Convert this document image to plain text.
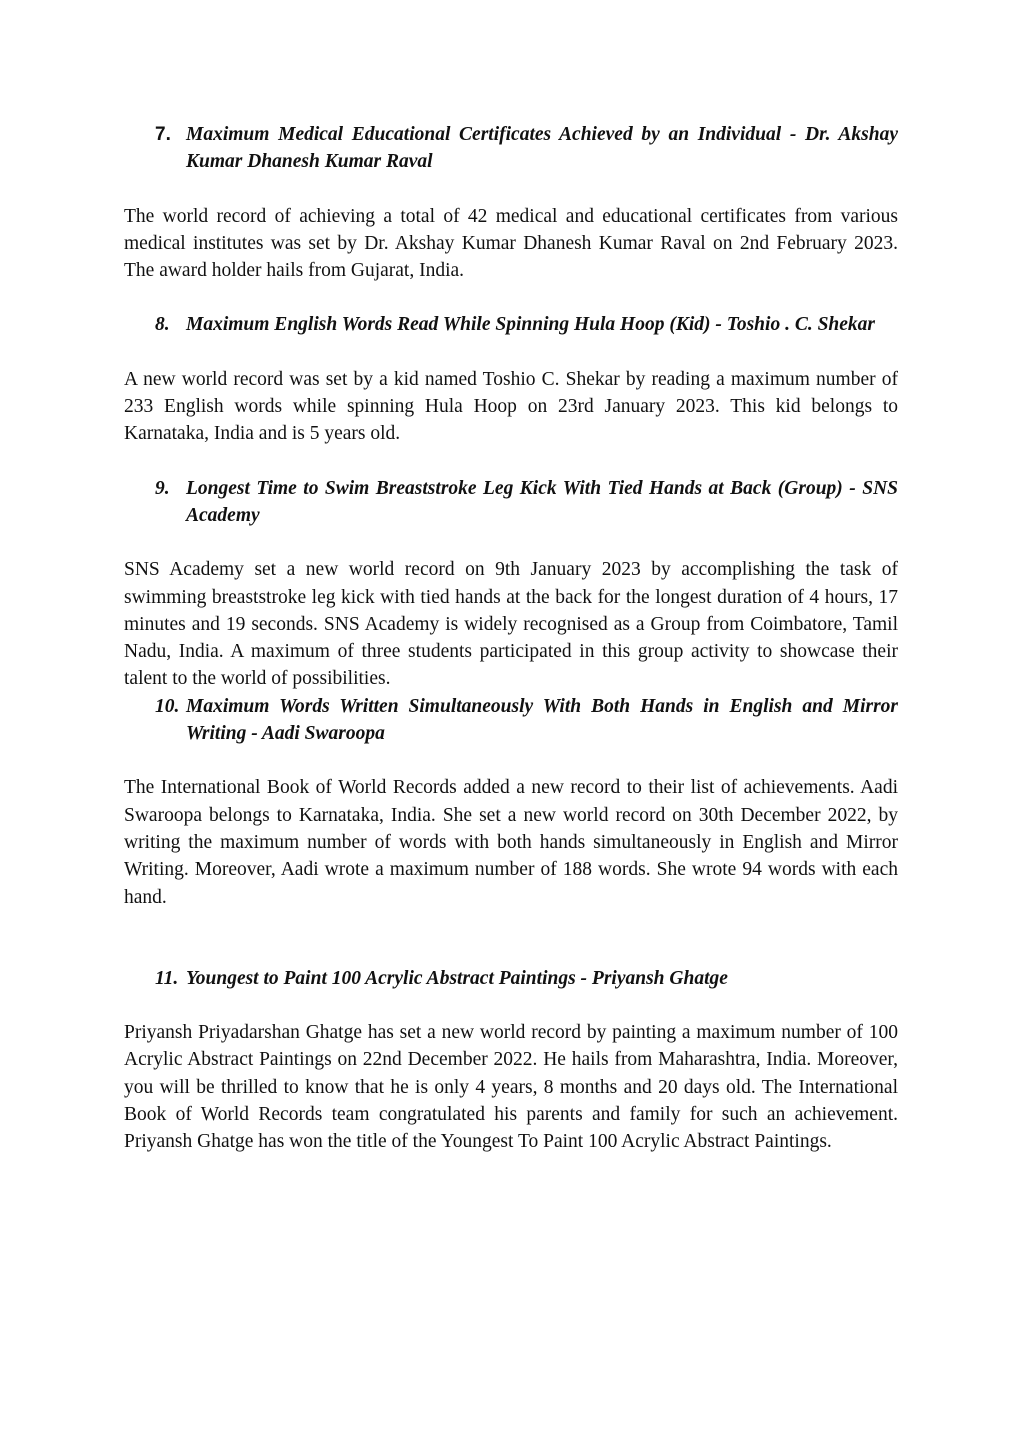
7. Maximum Medical Educational Certificates Achieved by an Individual - Dr. Akshay Kumar Dhanesh Kumar Raval

The world record of achieving a total of 42 medical and educational certificates from various medical institutes was set by Dr. Akshay Kumar Dhanesh Kumar Raval on 2nd February 2023. The award holder hails from Gujarat, India.

8. Maximum English Words Read While Spinning Hula Hoop (Kid) - Toshio . C. Shekar

A new world record was set by a kid named Toshio C. Shekar by reading a maximum number of 233 English words while spinning Hula Hoop on 23rd January 2023. This kid belongs to Karnataka, India and is 5 years old.

9. Longest Time to Swim Breaststroke Leg Kick With Tied Hands at Back (Group) - SNS Academy

SNS Academy set a new world record on 9th January 2023 by accomplishing the task of swimming breaststroke leg kick with tied hands at the back for the longest duration of 4 hours, 17 minutes and 19 seconds. SNS Academy is widely recognised as a Group from Coimbatore, Tamil Nadu, India. A maximum of three students participated in this group activity to showcase their talent to the world of possibilities.

10. Maximum Words Written Simultaneously With Both Hands in English and Mirror Writing - Aadi Swaroopa

The International Book of World Records added a new record to their list of achievements. Aadi Swaroopa belongs to Karnataka, India. She set a new world record on 30th December 2022, by writing the maximum number of words with both hands simultaneously in English and Mirror Writing. Moreover, Aadi wrote a maximum number of 188 words. She wrote 94 words with each hand.

11. Youngest to Paint 100 Acrylic Abstract Paintings - Priyansh Ghatge

Priyansh Priyadarshan Ghatge has set a new world record by painting a maximum number of 100 Acrylic Abstract Paintings on 22nd December 2022. He hails from Maharashtra, India. Moreover, you will be thrilled to know that he is only 4 years, 8 months and 20 days old. The International Book of World Records team congratulated his parents and family for such an achievement. Priyansh Ghatge has won the title of the Youngest To Paint 100 Acrylic Abstract Paintings.
